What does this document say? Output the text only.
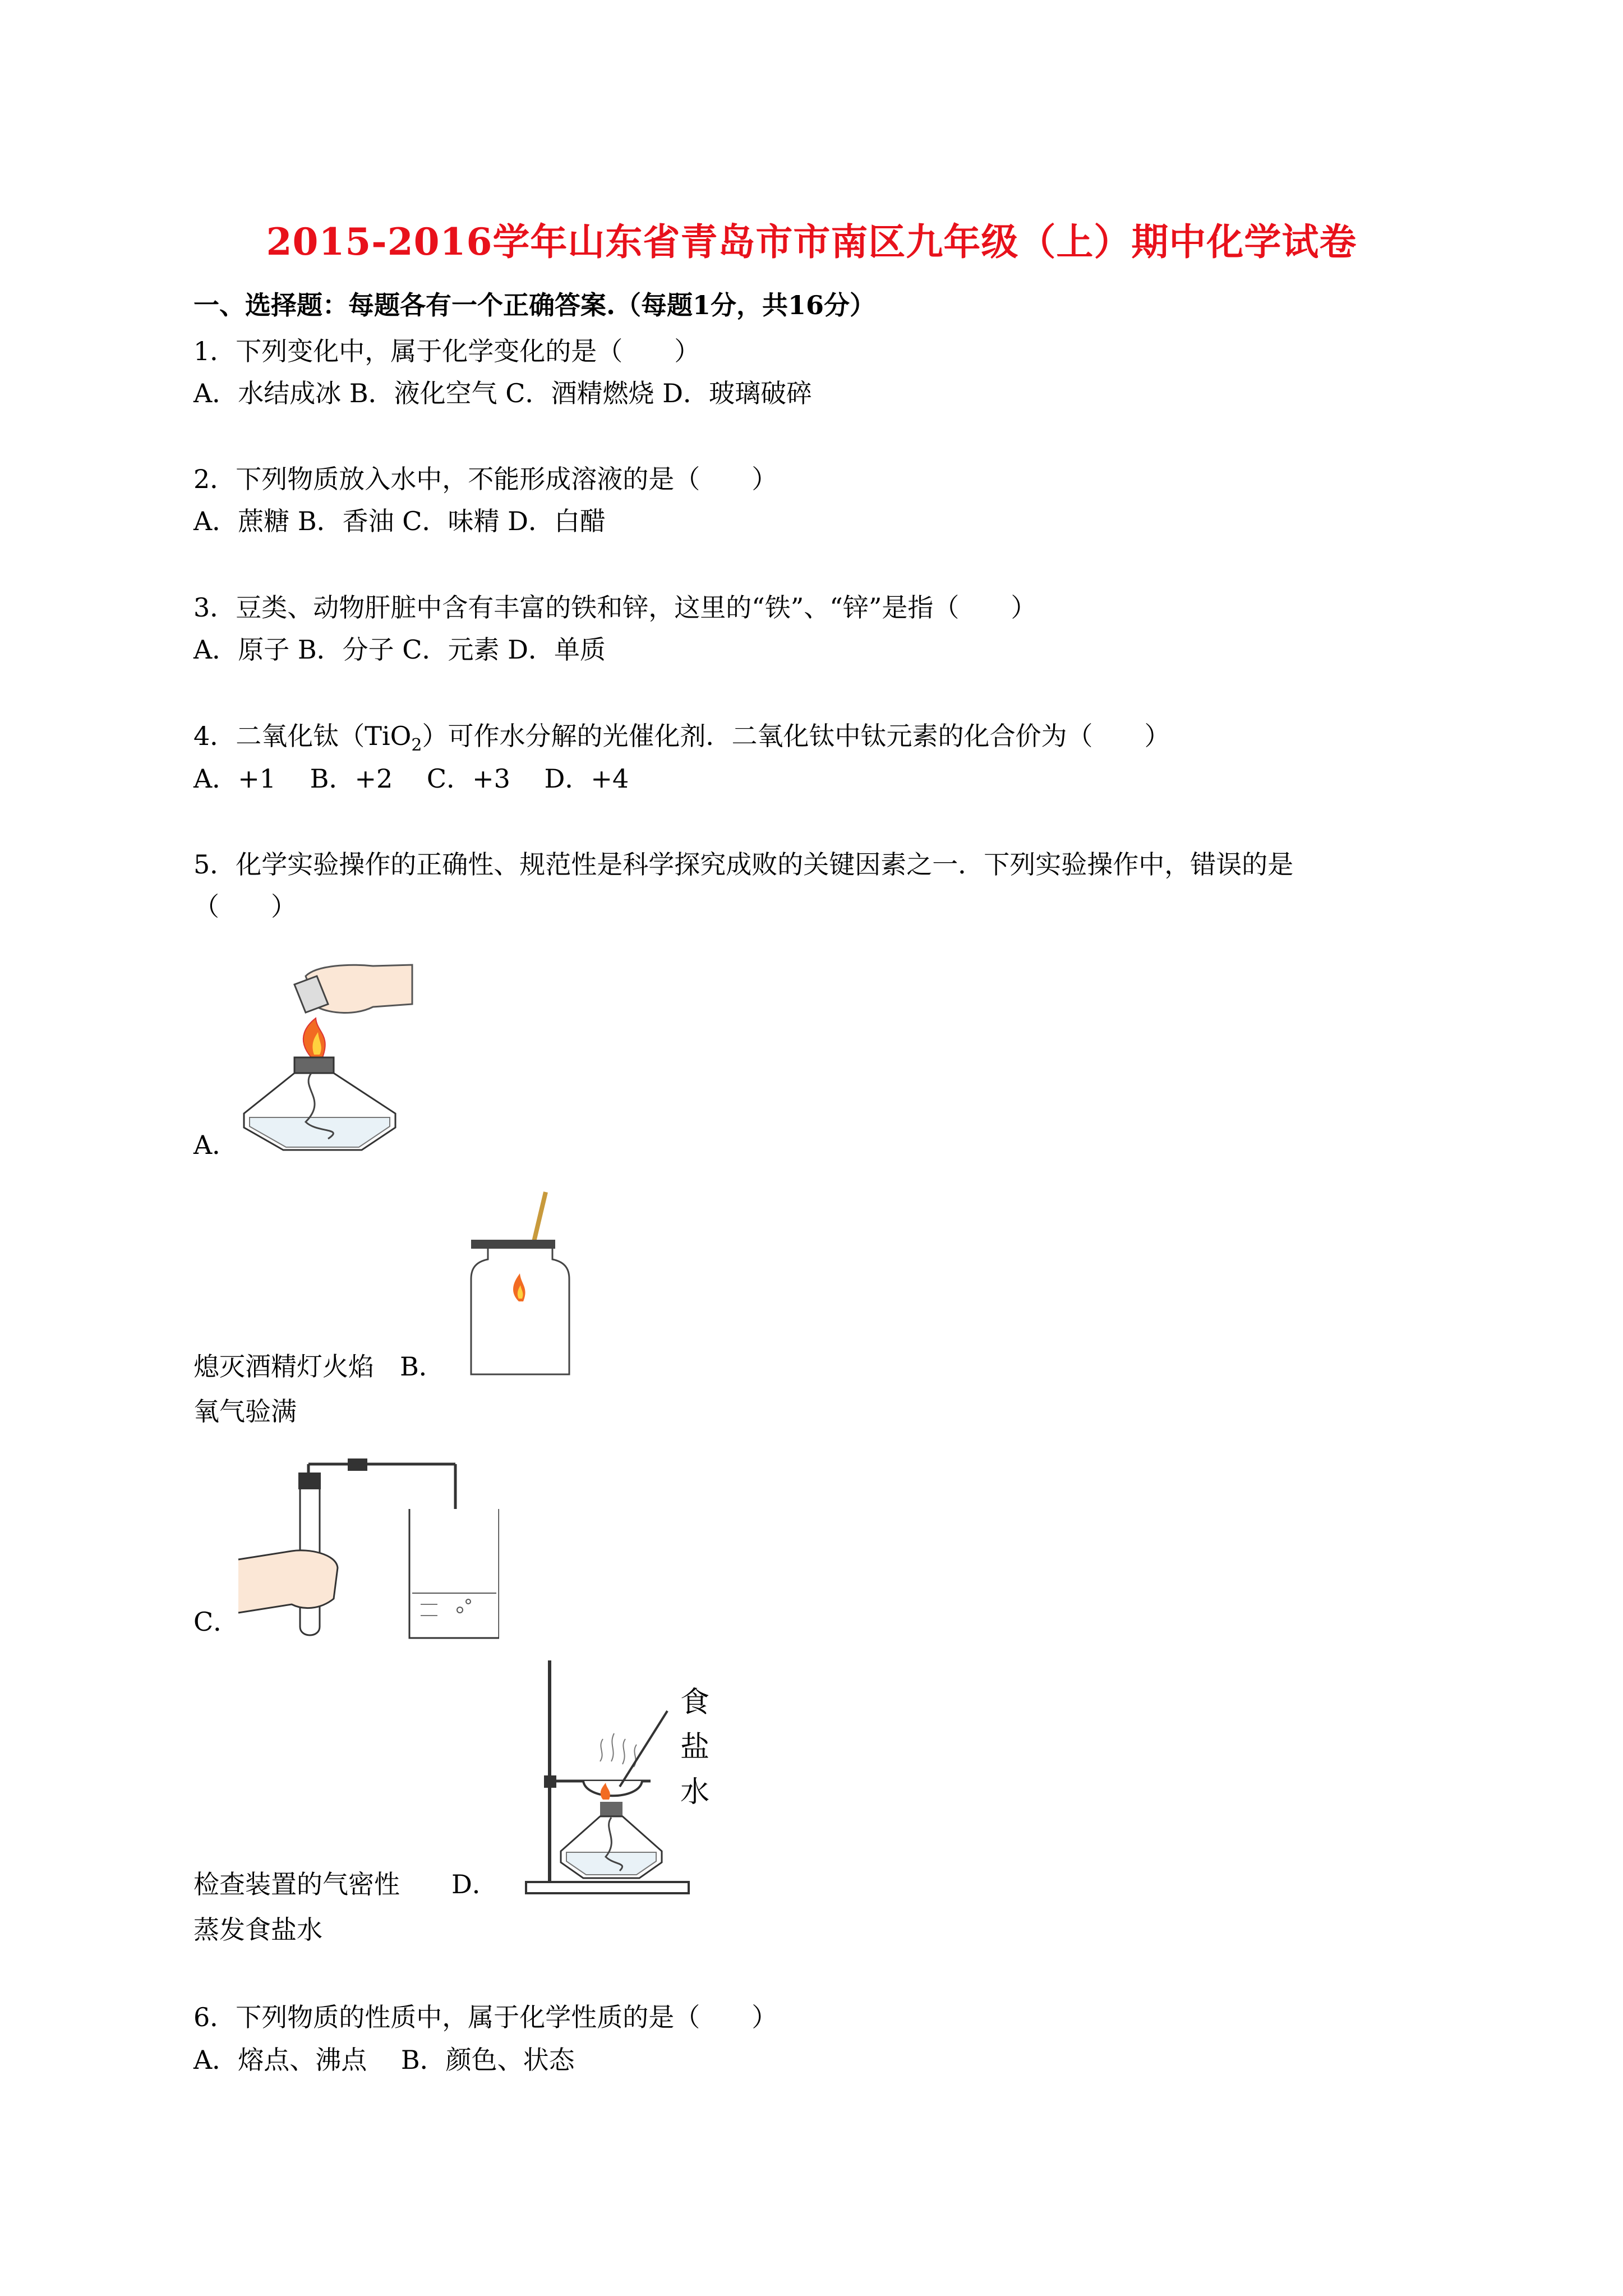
2015-2016学年山东省青岛市市南区九年级（上）期中化学试卷
一、选择题：每题各有一个正确答案.（每题1分，共16分）
1．下列变化中，属于化学变化的是（　　）
A．水结成冰 B．液化空气 C．酒精燃烧 D．玻璃破碎
2．下列物质放入水中，不能形成溶液的是（　　）
A．蔗糖 B．香油 C．味精 D．白醋
3．豆类、动物肝脏中含有丰富的铁和锌，这里的“铁”、“锌”是指（　　）
A．原子 B．分子 C．元素 D．单质
4．二氧化钛（TiO$_2$）可作水分解的光催化剂．二氧化钛中钛元素的化合价为（　　）
A．+1　 B．+2　 C．+3　 D．+4
5．化学实验操作的正确性、规范性是科学探究成败的关键因素之一．下列实验操作中，错误的是
（　　）
A．
熄灭酒精灯火焰　B．
氧气验满
C．
食
盐
水
检查装置的气密性　　D．
蒸发食盐水
6．下列物质的性质中，属于化学性质的是（　　）
A．熔点、沸点　 B．颜色、状态
